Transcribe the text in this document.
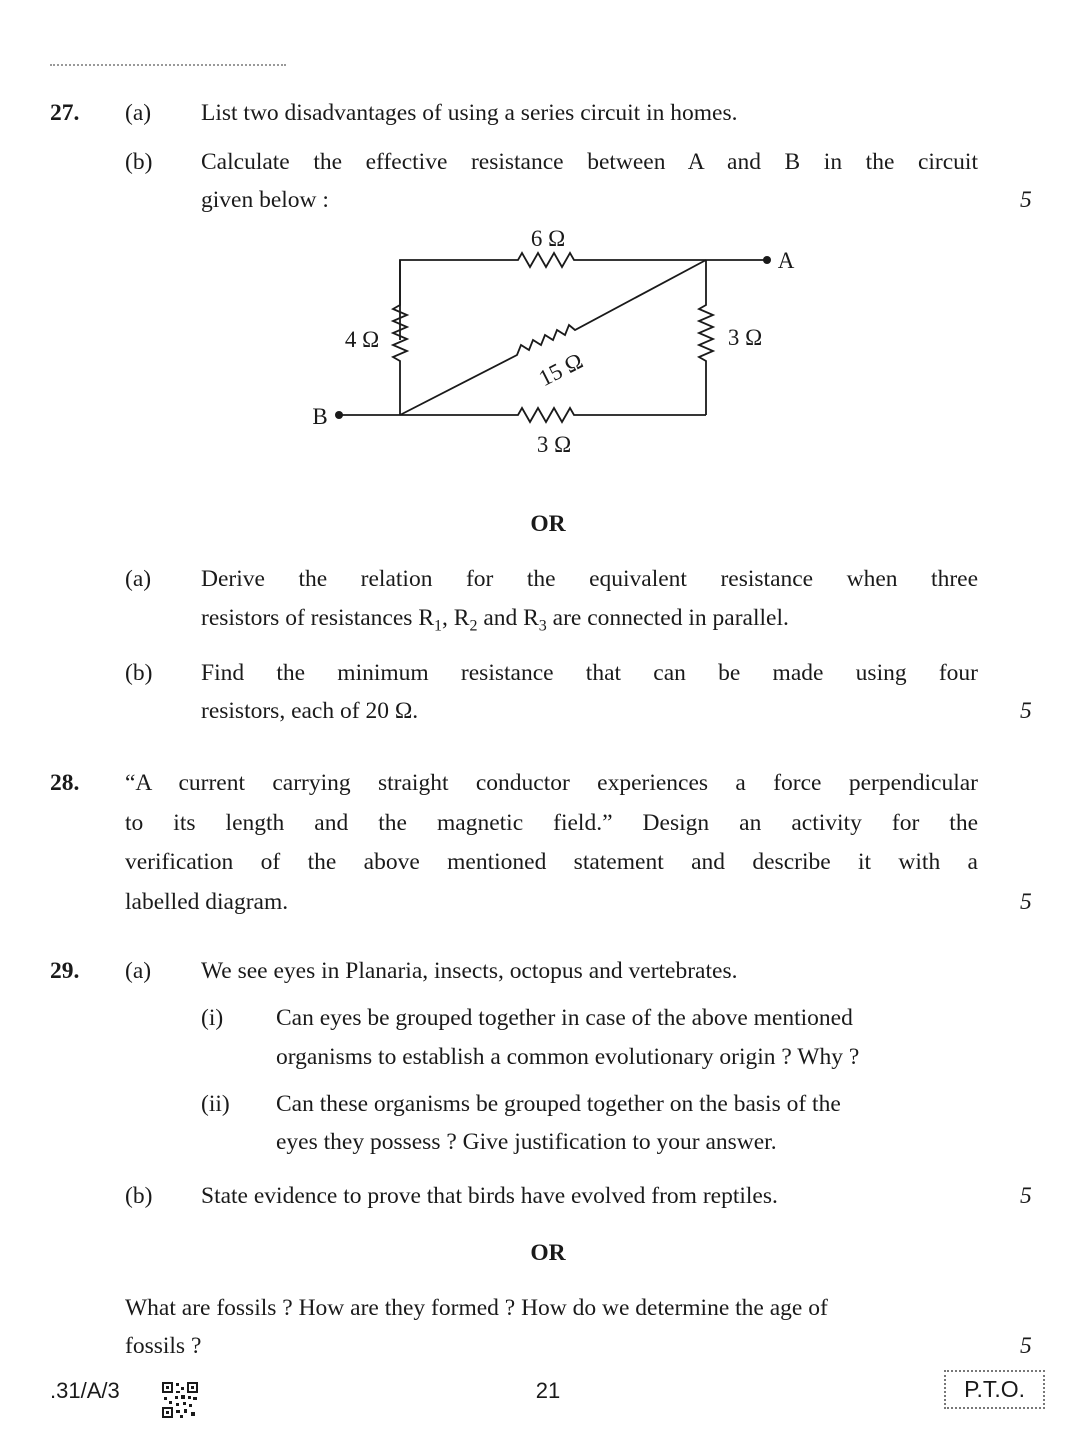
27. (a) List two disadvantages of using a series circuit in homes.
(b) Calculate the effective resistance between A and B in the circuit
given below :	5
6 Ω
4 Ω	3 Ω
15 Ω
3 Ω
A
B
OR
(a) Derive the relation for the equivalent resistance when three
resistors of resistances $R_1$, $R_2$ and $R_3$ are connected in parallel.
(b) Find the minimum resistance that can be made using four
resistors, each of 20 Ω.	5
28. “A current carrying straight conductor experiences a force perpendicular
to its length and the magnetic field.” Design an activity for the
verification of the above mentioned statement and describe it with a
labelled diagram.	5
29. (a) We see eyes in Planaria, insects, octopus and vertebrates.
(i) Can eyes be grouped together in case of the above mentioned
organisms to establish a common evolutionary origin ? Why ?
(ii) Can these organisms be grouped together on the basis of the
eyes they possess ? Give justification to your answer.
(b) State evidence to prove that birds have evolved from reptiles.	5
OR
What are fossils ? How are they formed ? How do we determine the age of
fossils ?	5
.31/A/3	21	P.T.O.
